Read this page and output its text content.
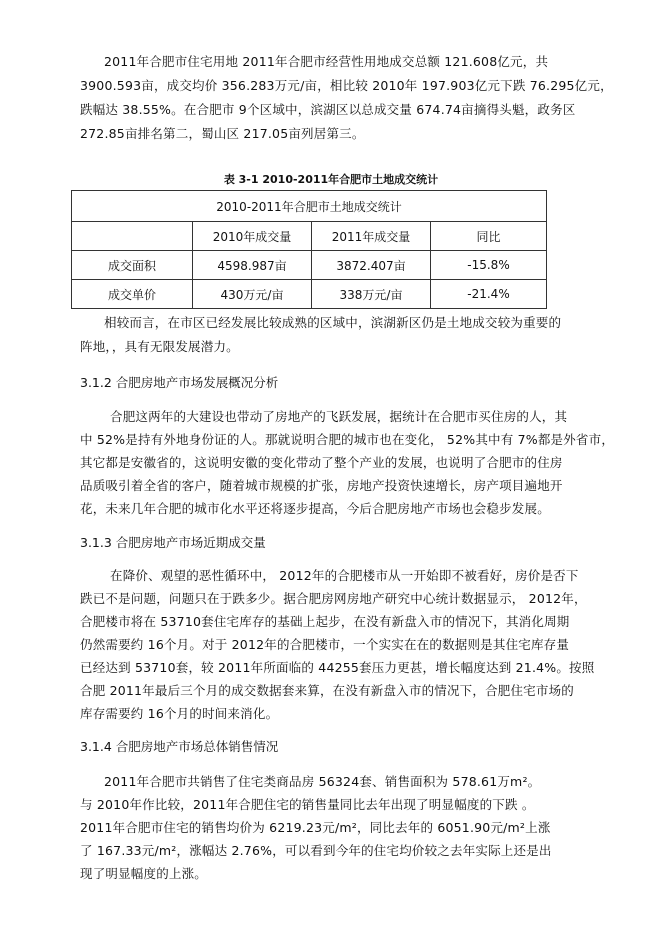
2011年合肥市住宅用地 2011年合肥市经营性用地成交总额 121.608亿元，共
3900.593亩，成交均价 356.283万元/亩，相比较 2010年 197.903亿元下跌 76.295亿元，
跌幅达 38.55%。在合肥市 9个区域中，滨湖区以总成交量 674.74亩摘得头魁，政务区
272.85亩排名第二，蜀山区 217.05亩列居第三。
表 3-1 2010-2011年合肥市土地成交统计
2010-2011年合肥市土地成交统计			
	2010年成交量	2011年成交量	同比
成交面积	4598.987亩	3872.407亩	-15.8%
成交单价	430万元/亩	338万元/亩	-21.4%
相较而言，在市区已经发展比较成熟的区域中，滨湖新区仍是土地成交较为重要的
阵地，，具有无限发展潜力。
3.1.2 合肥房地产市场发展概况分析
合肥这两年的大建设也带动了房地产的飞跃发展，据统计在合肥市买住房的人，其
中 52%是持有外地身份证的人。那就说明合肥的城市也在变化， 52%其中有 7%都是外省市，
其它都是安徽省的，这说明安徽的变化带动了整个产业的发展，也说明了合肥市的住房
品质吸引着全省的客户，随着城市规模的扩张，房地产投资快速增长，房产项目遍地开
花，未来几年合肥的城市化水平还将逐步提高，今后合肥房地产市场也会稳步发展。
3.1.3 合肥房地产市场近期成交量
在降价、观望的恶性循环中， 2012年的合肥楼市从一开始即不被看好，房价是否下
跌已不是问题，问题只在于跌多少。据合肥房网房地产研究中心统计数据显示， 2012年，
合肥楼市将在 53710套住宅库存的基础上起步，在没有新盘入市的情况下，其消化周期
仍然需要约 16个月。对于 2012年的合肥楼市，一个实实在在的数据则是其住宅库存量
已经达到 53710套，较 2011年所面临的 44255套压力更甚，增长幅度达到 21.4%。按照
合肥 2011年最后三个月的成交数据套来算，在没有新盘入市的情况下，合肥住宅市场的
库存需要约 16个月的时间来消化。
3.1.4 合肥房地产市场总体销售情况
2011年合肥市共销售了住宅类商品房 56324套、销售面积为 578.61万m²。
与 2010年作比较，2011年合肥住宅的销售量同比去年出现了明显幅度的下跌 。
2011年合肥市住宅的销售均价为 6219.23元/m²，同比去年的 6051.90元/m²上涨
了 167.33元/m²，涨幅达 2.76%，可以看到今年的住宅均价较之去年实际上还是出
现了明显幅度的上涨。
